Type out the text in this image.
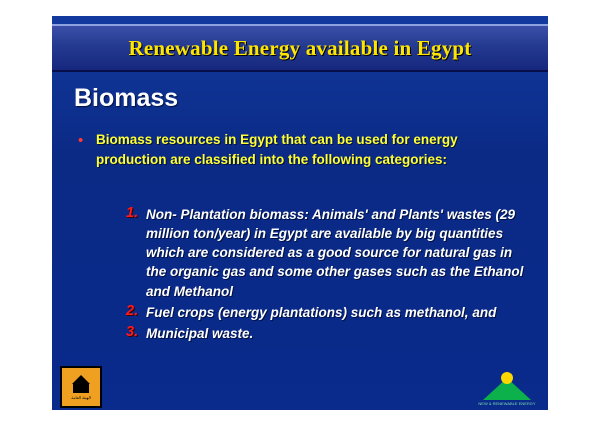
Renewable Energy available in Egypt
Biomass
• Biomass resources in Egypt that can be used for energy production are classified into the following categories:
1. Non- Plantation biomass: Animals' and Plants' wastes (29 million ton/year) in Egypt are available by big quantities which are considered as a good source for natural gas in the organic gas and some other gases such as the Ethanol and Methanol
2. Fuel crops (energy plantations) such as methanol, and
3. Municipal waste.
الهيئة العامة
NEW & RENEWABLE ENERGY
